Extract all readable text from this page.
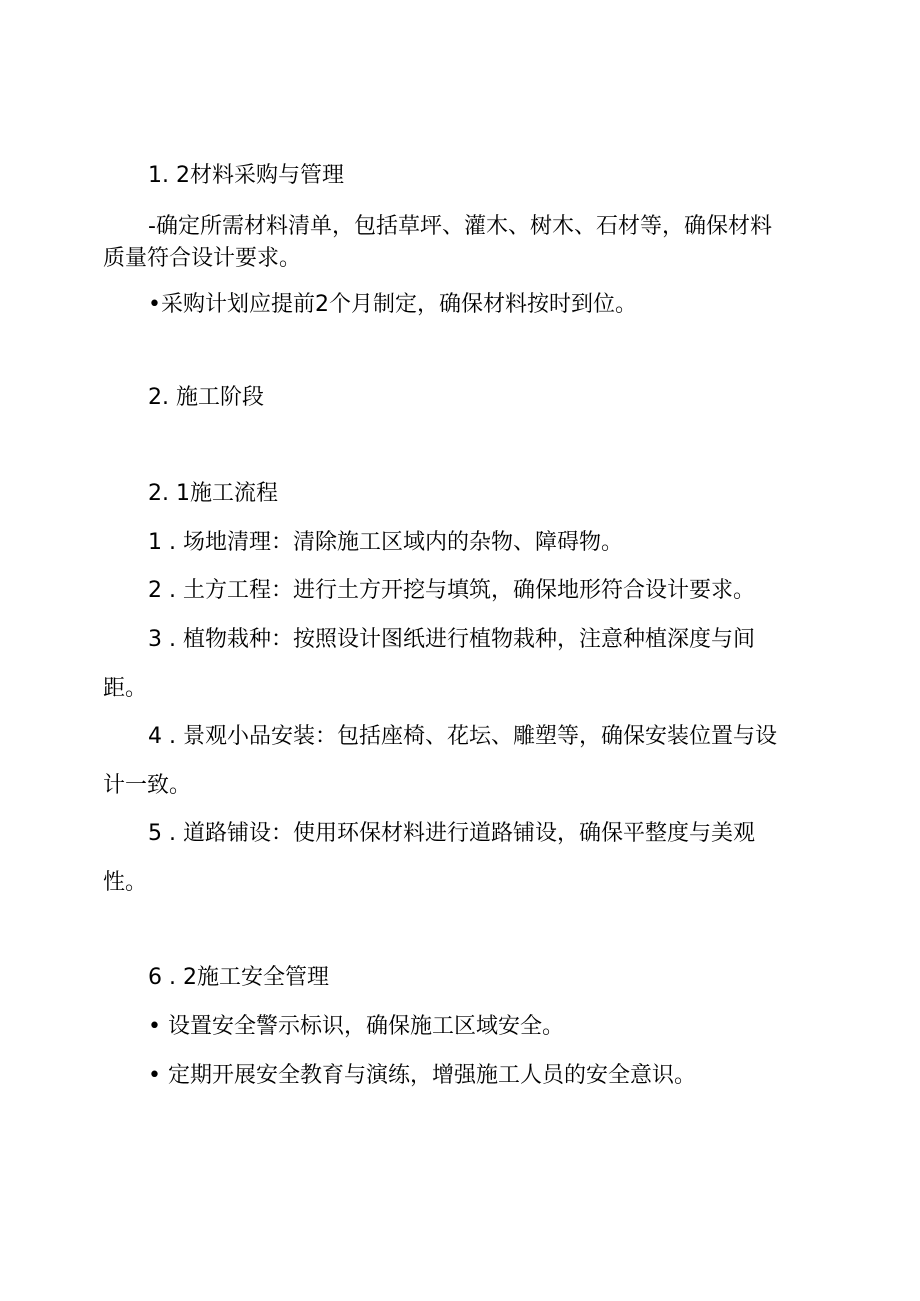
1. 2材料采购与管理
-确定所需材料清单，包括草坪、灌木、树木、石材等，确保材料
质量符合设计要求。
•采购计划应提前2个月制定，确保材料按时到位。
2. 施工阶段
2. 1施工流程
1 . 场地清理：清除施工区域内的杂物、障碍物。
2 . 土方工程：进行土方开挖与填筑，确保地形符合设计要求。
3 . 植物栽种：按照设计图纸进行植物栽种，注意种植深度与间
距。
4 . 景观小品安装：包括座椅、花坛、雕塑等，确保安装位置与设
计一致。
5 . 道路铺设：使用环保材料进行道路铺设，确保平整度与美观
性。
6 . 2施工安全管理
• 设置安全警示标识，确保施工区域安全。
• 定期开展安全教育与演练，增强施工人员的安全意识。
